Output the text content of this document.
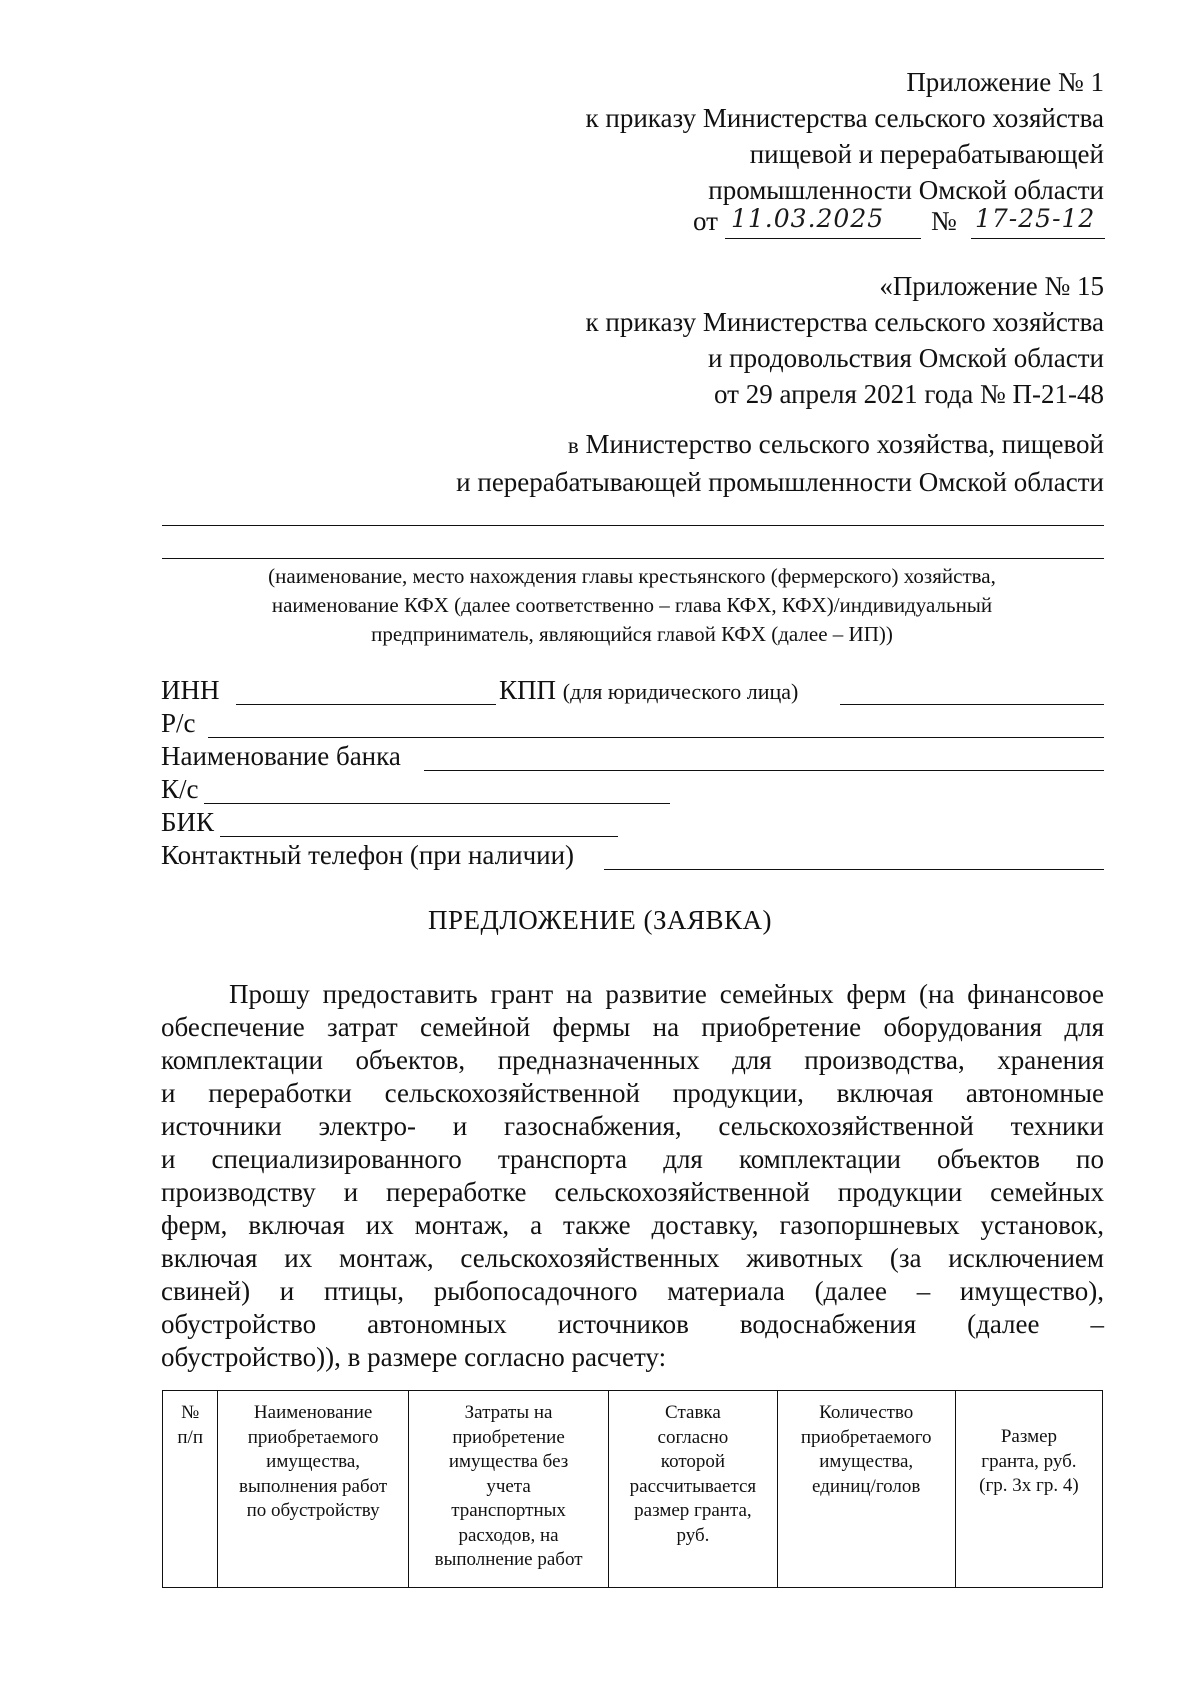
Приложение № 1
к приказу Министерства сельского хозяйства
пищевой и перерабатывающей
промышленности Омской области
от 11.03.2025 № 17-25-12
«Приложение № 15
к приказу Министерства сельского хозяйства
и продовольствия Омской области
от 29 апреля 2021 года № П-21-48
в Министерство сельского хозяйства, пищевой
и перерабатывающей промышленности Омской области
(наименование, место нахождения главы крестьянского (фермерского) хозяйства,
наименование КФХ (далее соответственно – глава КФХ, КФХ)/индивидуальный
предприниматель, являющийся главой КФХ (далее – ИП))
ИНН	КПП (для юридического лица)
Р/с
Наименование банка
К/с
БИК
Контактный телефон (при наличии)
ПРЕДЛОЖЕНИЕ (ЗАЯВКА)
Прошу предоставить грант на развитие семейных ферм (на финансовое
обеспечение затрат семейной фермы на приобретение оборудования для
комплектации объектов, предназначенных для производства, хранения
и переработки сельскохозяйственной продукции, включая автономные
источники электро- и газоснабжения, сельскохозяйственной техники
и специализированного транспорта для комплектации объектов по
производству и переработке сельскохозяйственной продукции семейных
ферм, включая их монтаж, а также доставку, газопоршневых установок,
включая их монтаж, сельскохозяйственных животных (за исключением
свиней) и птицы, рыбопосадочного материала (далее – имущество),
обустройство автономных источников водоснабжения (далее –
обустройство)), в размере согласно расчету:
№
п/п

Наименование
приобретаемого
имущества,
выполнения работ
по обустройству

Затраты на
приобретение
имущества без
учета
транспортных
расходов, на
выполнение работ

Ставка
согласно
которой
рассчитывается
размер гранта,
руб.

Количество
приобретаемого
имущества,
единиц/голов

Размер
гранта, руб.
(гр. 3х гр. 4)
